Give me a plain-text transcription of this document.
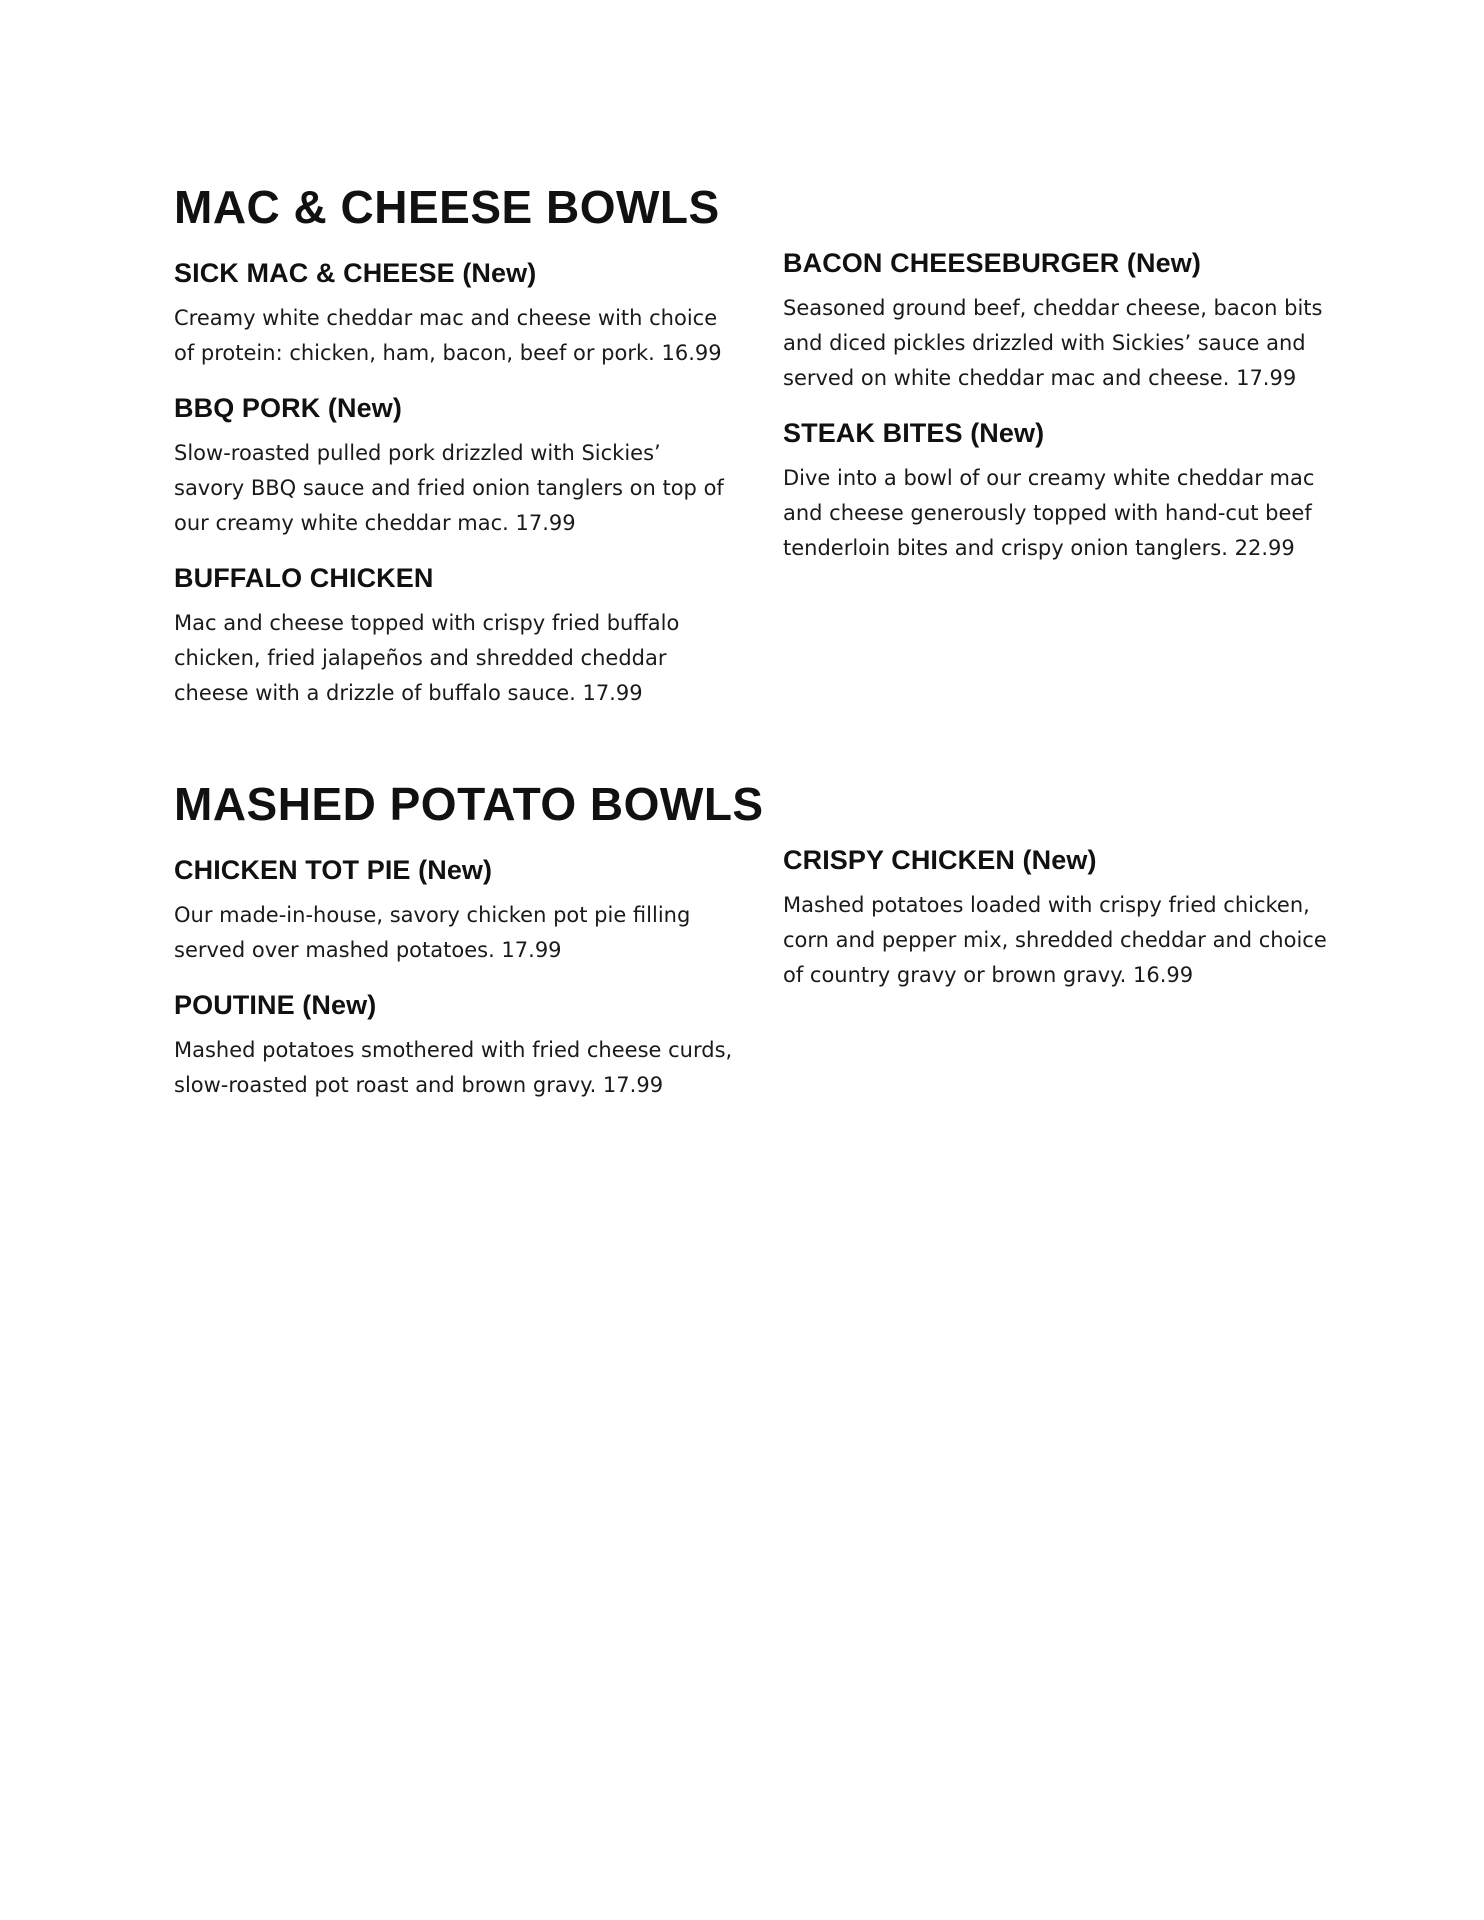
MAC & CHEESE BOWLS
SICK MAC & CHEESE (New)

Creamy white cheddar mac and cheese with choice of protein: chicken, ham, bacon, beef or pork. 16.99

BBQ PORK (New)

Slow-roasted pulled pork drizzled with Sickies’ savory BBQ sauce and fried onion tanglers on top of our creamy white cheddar mac. 17.99

BUFFALO CHICKEN

Mac and cheese topped with crispy fried buffalo chicken, fried jalapeños and shredded cheddar cheese with a drizzle of buffalo sauce. 17.99

BACON CHEESEBURGER (New)

Seasoned ground beef, cheddar cheese, bacon bits and diced pickles drizzled with Sickies’ sauce and served on white cheddar mac and cheese. 17.99

STEAK BITES (New)

Dive into a bowl of our creamy white cheddar mac and cheese generously topped with hand-cut beef tenderloin bites and crispy onion tanglers. 22.99

MASHED POTATO BOWLS
CHICKEN TOT PIE (New)

Our made-in-house, savory chicken pot pie filling served over mashed potatoes. 17.99

POUTINE (New)

Mashed potatoes smothered with fried cheese curds, slow-roasted pot roast and brown gravy. 17.99

CRISPY CHICKEN (New)

Mashed potatoes loaded with crispy fried chicken, corn and pepper mix, shredded cheddar and choice of country gravy or brown gravy. 16.99
